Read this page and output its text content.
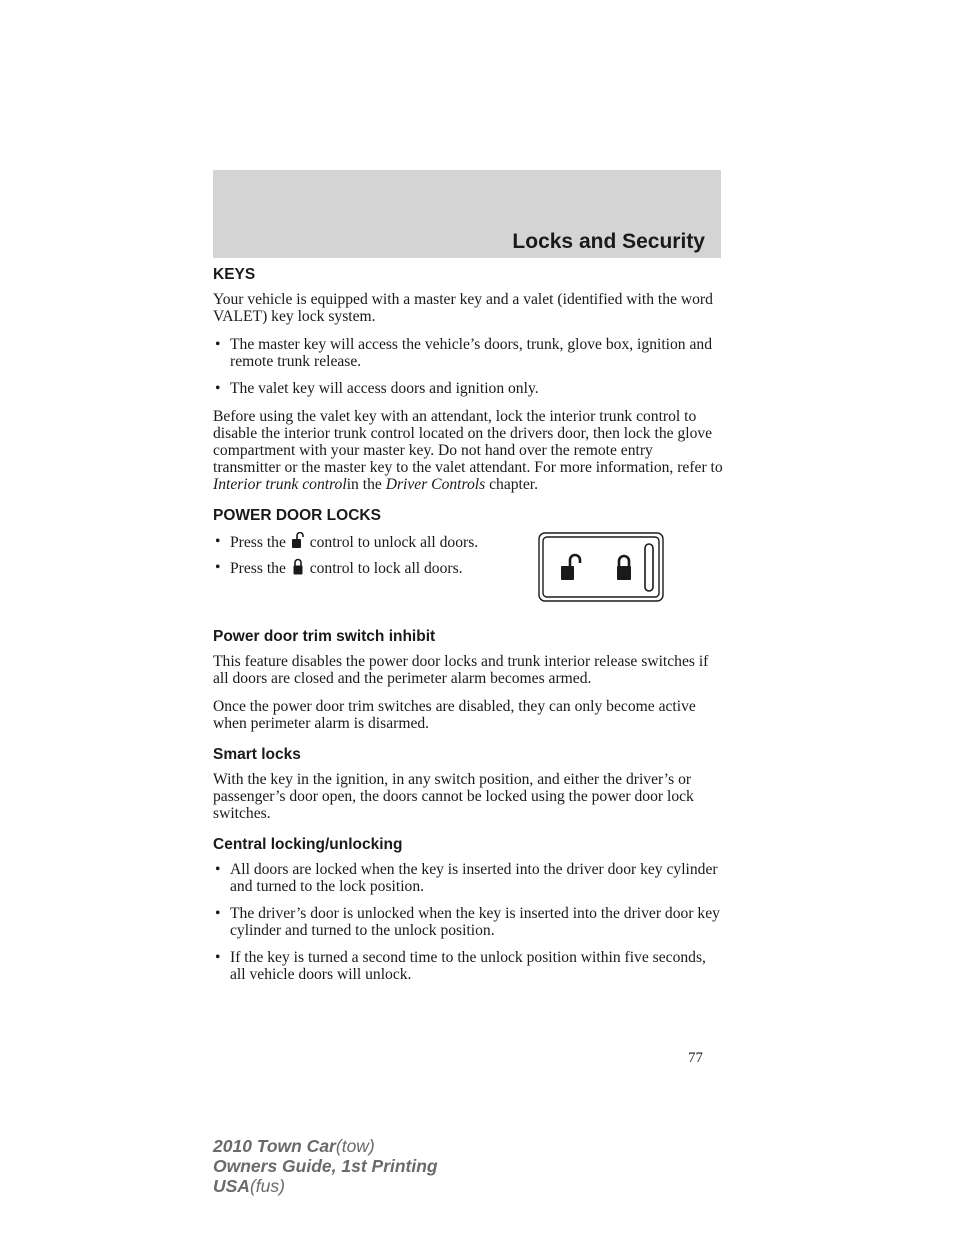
Locks and Security
KEYS

Your vehicle is equipped with a master key and a valet (identified with the word VALET) key lock system.

• The master key will access the vehicle’s doors, trunk, glove box, ignition and remote trunk release.
• The valet key will access doors and ignition only.

Before using the valet key with an attendant, lock the interior trunk control to disable the interior trunk control located on the drivers door, then lock the glove compartment with your master key. Do not hand over the remote entry transmitter or the master key to the valet attendant. For more information, refer to Interior trunk controlin the Driver Controls chapter.

POWER DOOR LOCKS
• Press the control to unlock all doors.
• Press the control to lock all doors.
Power door trim switch inhibit

This feature disables the power door locks and trunk interior release switches if all doors are closed and the perimeter alarm becomes armed.

Once the power door trim switches are disabled, they can only become active when perimeter alarm is disarmed.

Smart locks

With the key in the ignition, in any switch position, and either the driver’s or passenger’s door open, the doors cannot be locked using the power door lock switches.

Central locking/unlocking
• All doors are locked when the key is inserted into the driver door key cylinder and turned to the lock position.
• The driver’s door is unlocked when the key is inserted into the driver door key cylinder and turned to the unlock position.
• If the key is turned a second time to the unlock position within five seconds, all vehicle doors will unlock.
77
2010 Town Car(tow)
Owners Guide, 1st Printing
USA(fus)
